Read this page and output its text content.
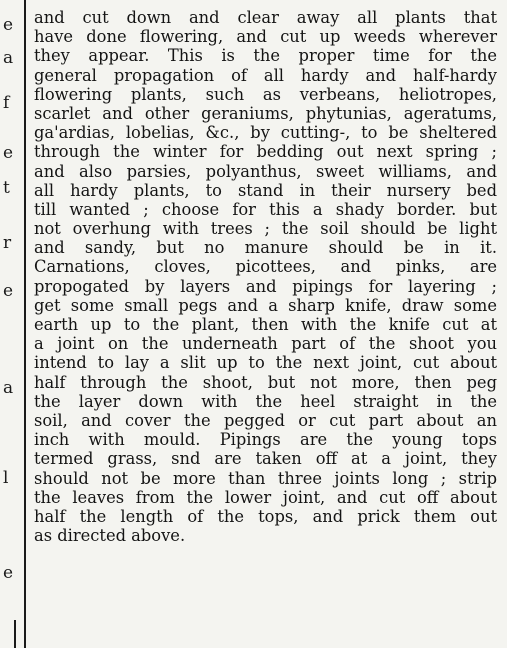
e
a
f
e
t
r
e
a
l
e
and cut down and clear away all plants that
have done flowering, and cut up weeds wherever
they appear. This is the proper time for the
general propagation of all hardy and half-hardy
flowering plants, such as verbeans, heliotropes,
scarlet and other geraniums, phytunias, ageratums,
ga'ardias, lobelias, &c., by cutting-, to be sheltered
through the winter for bedding out next spring ;
and also parsies, polyanthus, sweet williams, and
all hardy plants, to stand in their nursery bed
till wanted ; choose for this a shady border. but
not overhung with trees ; the soil should be light
and sandy, but no manure should be in it.
Carnations, cloves, picottees, and pinks, are
propogated by layers and pipings for layering ;
get some small pegs and a sharp knife, draw some
earth up to the plant, then with the knife cut at
a joint on the underneath part of the shoot you
intend to lay a slit up to the next joint, cut about
half through the shoot, but not more, then peg
the layer down with the heel straight in the
soil, and cover the pegged or cut part about an
inch with mould. Pipings are the young tops
termed grass, snd are taken off at a joint, they
should not be more than three joints long ; strip
the leaves from the lower joint, and cut off about
half the length of the tops, and prick them out
as directed above.
